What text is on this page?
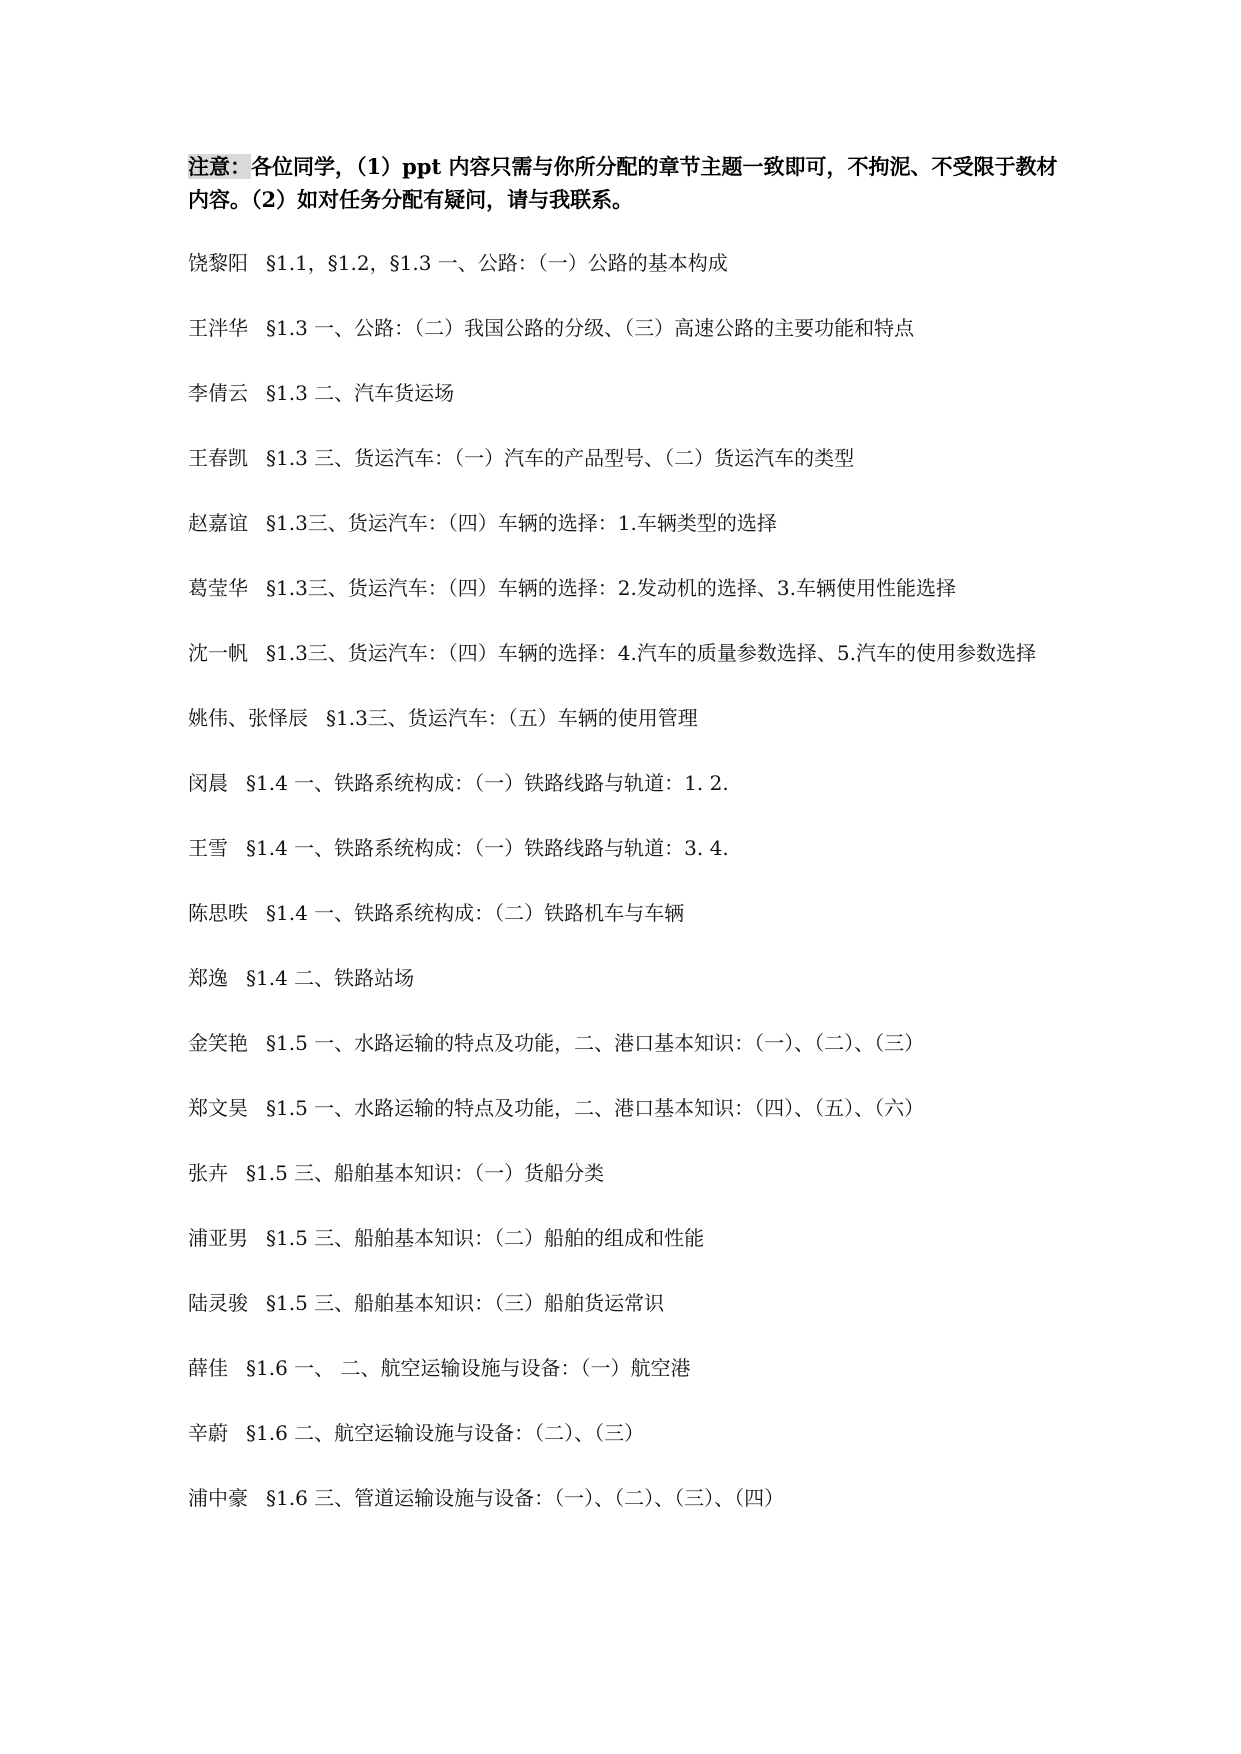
注意：各位同学，（1）ppt 内容只需与你所分配的章节主题一致即可，不拘泥、不受限于教材内容。（2）如对任务分配有疑问，请与我联系。

饶黎阳 §1.1，§1.2，§1.3 一、公路：（一）公路的基本构成
王泮华 §1.3 一、公路：（二）我国公路的分级、（三）高速公路的主要功能和特点
李倩云 §1.3 二、汽车货运场
王春凯 §1.3 三、货运汽车：（一）汽车的产品型号、（二）货运汽车的类型
赵嘉谊 §1.3三、货运汽车：（四）车辆的选择：1.车辆类型的选择
葛莹华 §1.3三、货运汽车：（四）车辆的选择：2.发动机的选择、3.车辆使用性能选择
沈一帆 §1.3三、货运汽车：（四）车辆的选择：4.汽车的质量参数选择、5.汽车的使用参数选择
姚伟、张怿辰 §1.3三、货运汽车：（五）车辆的使用管理
闵晨 §1.4 一、铁路系统构成：（一）铁路线路与轨道：1. 2.
王雪 §1.4 一、铁路系统构成：（一）铁路线路与轨道：3. 4.
陈思昳 §1.4 一、铁路系统构成：（二）铁路机车与车辆
郑逸 §1.4 二、铁路站场
金笑艳 §1.5 一、水路运输的特点及功能，二、港口基本知识：（一）、（二）、（三）
郑文昊 §1.5 一、水路运输的特点及功能，二、港口基本知识：（四）、（五）、（六）
张卉 §1.5 三、船舶基本知识：（一）货船分类
浦亚男 §1.5 三、船舶基本知识：（二）船舶的组成和性能
陆灵骏 §1.5 三、船舶基本知识：（三）船舶货运常识
薛佳 §1.6 一、 二、航空运输设施与设备：（一）航空港
辛蔚 §1.6 二、航空运输设施与设备：（二）、（三）
浦中豪 §1.6 三、管道运输设施与设备：（一）、（二）、（三）、（四）
